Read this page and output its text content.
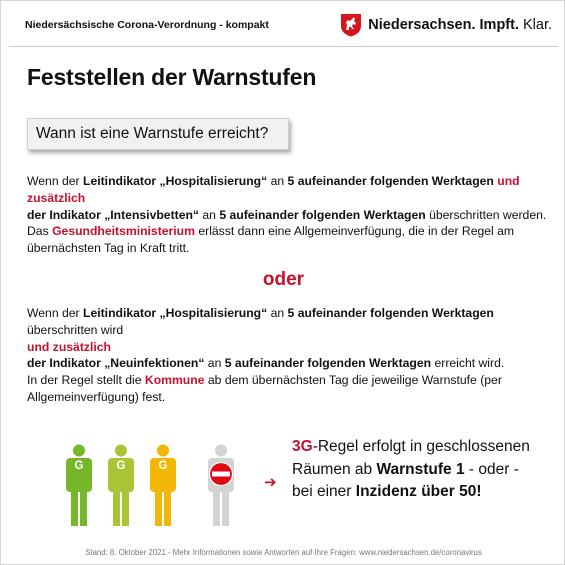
Niedersächsische Corona-Verordnung - kompakt	Niedersachsen. Impft. Klar.
Feststellen der Warnstufen
Wann ist eine Warnstufe erreicht?
Wenn der Leitindikator „Hospitalisierung“ an 5 aufeinander folgenden Werktagen und zusätzlich
der Indikator „Intensivbetten“ an 5 aufeinander folgenden Werktagen überschritten werden. Das Gesundheitsministerium erlässt dann eine Allgemeinverfügung, die in der Regel am übernächsten Tag in Kraft tritt.
oder
Wenn der Leitindikator „Hospitalisierung“ an 5 aufeinander folgenden Werktagen überschritten wird
und zusätzlich
der Indikator „Neuinfektionen“ an 5 aufeinander folgenden Werktagen erreicht wird.
In der Regel stellt die Kommune ab dem übernächsten Tag die jeweilige Warnstufe (per Allgemeinverfügung) fest.
G	G	G
➔
3G-Regel erfolgt in geschlossenen Räumen ab Warnstufe 1 - oder - bei einer Inzidenz über 50!
Stand: 8. Oktober 2021 - Mehr Informationen sowie Antworten auf Ihre Fragen: www.niedersachsen.de/coronavirus
